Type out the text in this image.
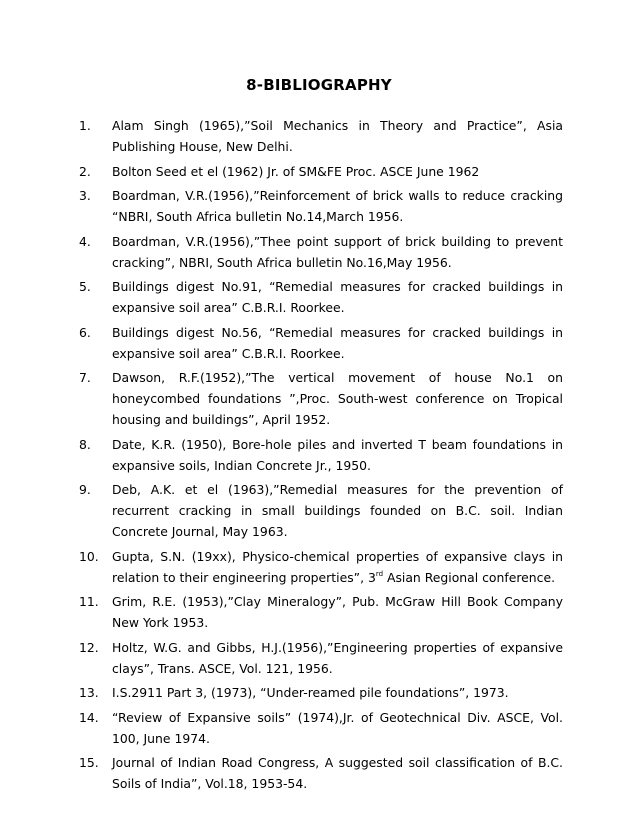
8-BIBLIOGRAPHY
1.	Alam Singh (1965),”Soil Mechanics in Theory and Practice”, Asia Publishing House, New Delhi.
2.	Bolton Seed et el (1962) Jr. of SM&FE Proc. ASCE June 1962
3.	Boardman, V.R.(1956),”Reinforcement of brick walls to reduce cracking “NBRI, South Africa bulletin No.14,March 1956.
4.	Boardman, V.R.(1956),”Thee point support of brick building to prevent cracking”, NBRI, South Africa bulletin No.16,May 1956.
5.	Buildings digest No.91, “Remedial measures for cracked buildings in expansive soil area” C.B.R.I. Roorkee.
6.	Buildings digest No.56, “Remedial measures for cracked buildings in expansive soil area” C.B.R.I. Roorkee.
7.	Dawson, R.F.(1952),”The vertical movement of house No.1 on honeycombed foundations ”,Proc. South-west conference on Tropical housing and buildings”, April 1952.
8.	Date, K.R. (1950), Bore-hole piles and inverted T beam foundations in expansive soils, Indian Concrete Jr., 1950.
9.	Deb, A.K. et el (1963),”Remedial measures for the prevention of recurrent cracking in small buildings founded on B.C. soil. Indian Concrete Journal, May 1963.
10.	Gupta, S.N. (19xx), Physico-chemical properties of expansive clays in relation to their engineering properties”, 3rd Asian Regional conference.
11.	Grim, R.E. (1953),”Clay Mineralogy”, Pub. McGraw Hill Book Company New York 1953.
12.	Holtz, W.G. and Gibbs, H.J.(1956),”Engineering properties of expansive clays”, Trans. ASCE, Vol. 121, 1956.
13.	I.S.2911 Part 3, (1973), “Under-reamed pile foundations”, 1973.
14.	“Review of Expansive soils” (1974),Jr. of Geotechnical Div. ASCE, Vol. 100, June 1974.
15.	Journal of Indian Road Congress, A suggested soil classification of B.C. Soils of India”, Vol.18, 1953-54.
